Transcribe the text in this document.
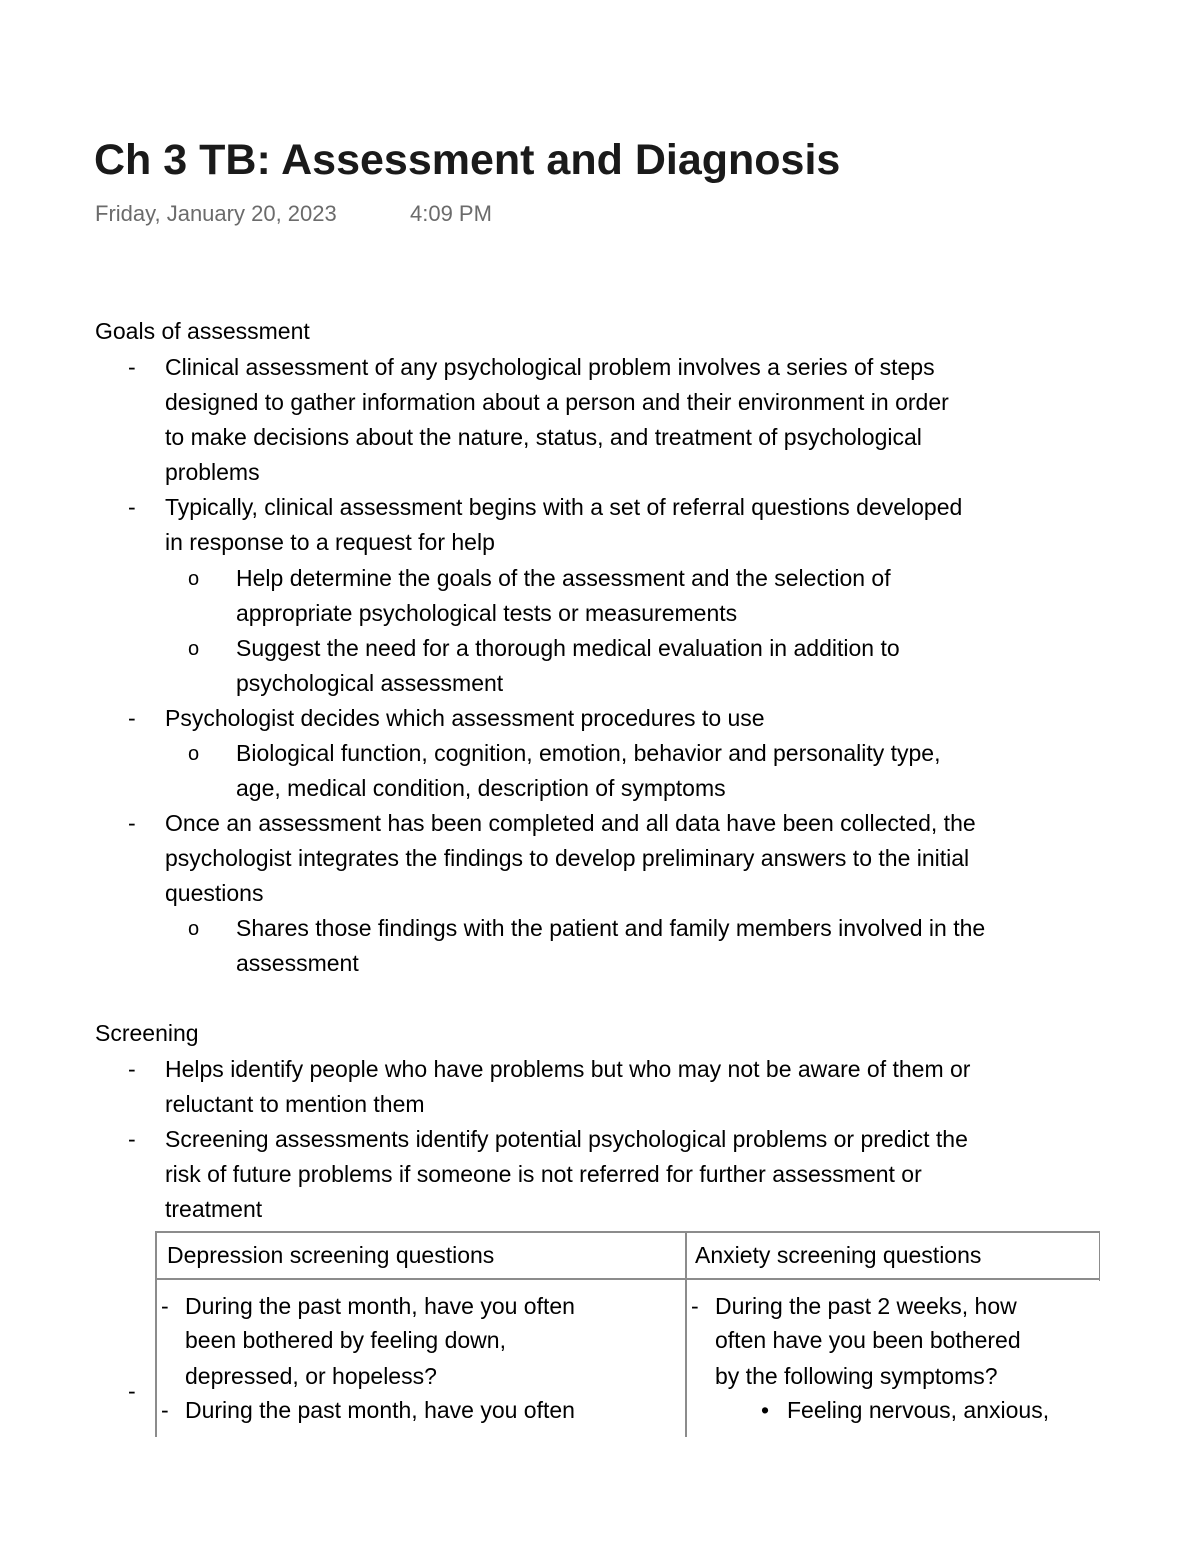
Ch 3 TB: Assessment and Diagnosis
Friday, January 20, 2023	4:09 PM
Goals of assessment
- Clinical assessment of any psychological problem involves a series of steps
designed to gather information about a person and their environment in order
to make decisions about the nature, status, and treatment of psychological
problems
- Typically, clinical assessment begins with a set of referral questions developed
in response to a request for help
o Help determine the goals of the assessment and the selection of
appropriate psychological tests or measurements
o Suggest the need for a thorough medical evaluation in addition to
psychological assessment
- Psychologist decides which assessment procedures to use
o Biological function, cognition, emotion, behavior and personality type,
age, medical condition, description of symptoms
- Once an assessment has been completed and all data have been collected, the
psychologist integrates the findings to develop preliminary answers to the initial
questions
o Shares those findings with the patient and family members involved in the
assessment
Screening
- Helps identify people who have problems but who may not be aware of them or
reluctant to mention them
- Screening assessments identify potential psychological problems or predict the
risk of future problems if someone is not referred for further assessment or
treatment
-
Depression screening questions	Anxiety screening questions
- During the past month, have you often
been bothered by feeling down,
depressed, or hopeless?
- During the past month, have you often
- During the past 2 weeks, how
often have you been bothered
by the following symptoms?
• Feeling nervous, anxious,
